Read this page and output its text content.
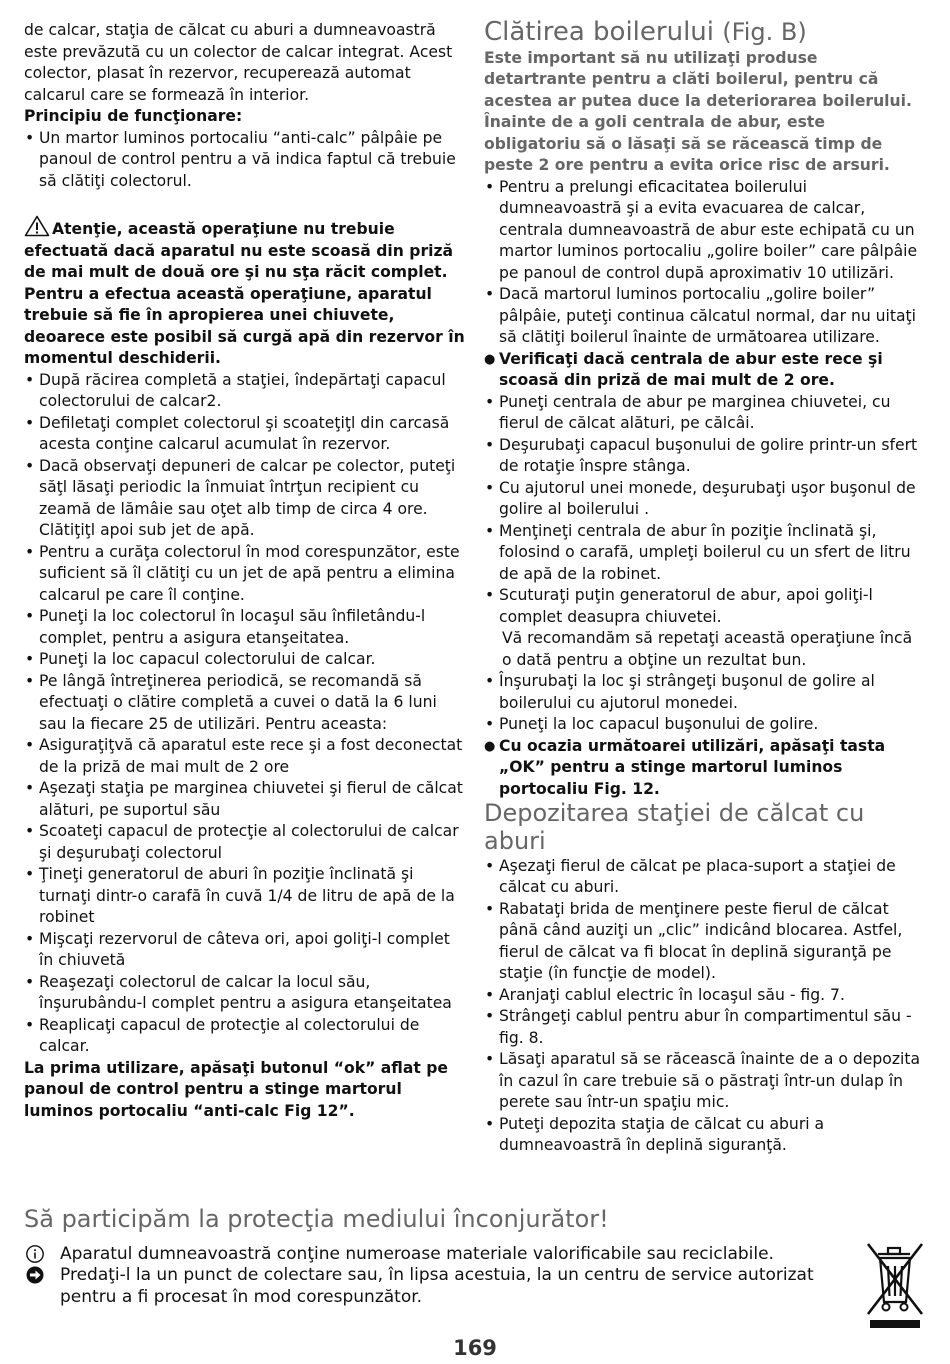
de calcar, staţia de călcat cu aburi a dumneavoastră este prevăzută cu un colector de calcar integrat. Acest colector, plasat în rezervor, recuperează automat calcarul care se formează în interior.

Principiu de funcţionare:

• Un martor luminos portocaliu “anti-calc” pâlpâie pe panoul de control pentru a vă indica faptul că trebuie să clătiţi colectorul.

Atenţie, această operaţiune nu trebuie efectuată dacă aparatul nu este scoasă din priză de mai mult de două ore şi nu sţa răcit complet. Pentru a efectua această operaţiune, aparatul trebuie să fie în apropierea unei chiuvete, deoarece este posibil să curgă apă din rezervor în momentul deschiderii.

• După răcirea completă a staţiei, îndepărtaţi capacul colectorului de calcar2.
• Defiletaţi complet colectorul şi scoateţiţl din carcasă acesta conţine calcarul acumulat în rezervor.
• Dacă observaţi depuneri de calcar pe colector, puteţi săţl lăsaţi periodic la înmuiat întrţun recipient cu zeamă de lămâie sau oţet alb timp de circa 4 ore. Clătiţiţl apoi sub jet de apă.
• Pentru a curăţa colectorul în mod corespunzător, este suficient să îl clătiţi cu un jet de apă pentru a elimina calcarul pe care îl conţine.
• Puneţi la loc colectorul în locaşul său înfiletându-l complet, pentru a asigura etanşeitatea.
• Puneţi la loc capacul colectorului de calcar.
• Pe lângă întreţinerea periodică, se recomandă să efectuaţi o clătire completă a cuvei o dată la 6 luni sau la fiecare 25 de utilizări. Pentru aceasta:
• Asiguraţiţvă că aparatul este rece şi a fost deconectat de la priză de mai mult de 2 ore
• Aşezaţi staţia pe marginea chiuvetei şi fierul de călcat alături, pe suportul său
• Scoateţi capacul de protecţie al colectorului de calcar şi deşurubaţi colectorul
• Ţineţi generatorul de aburi în poziţie înclinată şi turnaţi dintr-o carafă în cuvă 1/4 de litru de apă de la robinet
• Mişcaţi rezervorul de câteva ori, apoi goliţi-l complet în chiuvetă
• Reaşezaţi colectorul de calcar la locul său, înşurubându-l complet pentru a asigura etanşeitatea
• Reaplicaţi capacul de protecţie al colectorului de calcar.

La prima utilizare, apăsaţi butonul “ok” aflat pe panoul de control pentru a stinge martorul luminos portocaliu “anti-calc Fig 12”.

Clătirea boilerului (Fig. B)

Este important să nu utilizaţi produse detartrante pentru a clăti boilerul, pentru că acestea ar putea duce la deteriorarea boilerului. Înainte de a goli centrala de abur, este obligatoriu să o lăsaţi să se răcească timp de peste 2 ore pentru a evita orice risc de arsuri.

• Pentru a prelungi eficacitatea boilerului dumneavoastră şi a evita evacuarea de calcar, centrala dumneavoastră de abur este echipată cu un martor luminos portocaliu „golire boiler” care pâlpâie pe panoul de control după aproximativ 10 utilizări.
• Dacă martorul luminos portocaliu „golire boiler” pâlpâie, puteţi continua călcatul normal, dar nu uitaţi să clătiţi boilerul înainte de următoarea utilizare.
● Verificaţi dacă centrala de abur este rece şi scoasă din priză de mai mult de 2 ore.
• Puneţi centrala de abur pe marginea chiuvetei, cu fierul de călcat alături, pe călcâi.
• Deşurubaţi capacul buşonului de golire printr-un sfert de rotaţie înspre stânga.
• Cu ajutorul unei monede, deşurubaţi uşor buşonul de golire al boilerului .
• Menţineţi centrala de abur în poziţie înclinată şi, folosind o carafă, umpleţi boilerul cu un sfert de litru de apă de la robinet.
• Scuturaţi puţin generatorul de abur, apoi goliţi-l complet deasupra chiuvetei.

Vă recomandăm să repetaţi această operaţiune încă o dată pentru a obţine un rezultat bun.

• Înşurubaţi la loc şi strângeţi buşonul de golire al boilerului cu ajutorul monedei.
• Puneţi la loc capacul buşonului de golire.
● Cu ocazia următoarei utilizări, apăsaţi tasta „OK” pentru a stinge martorul luminos portocaliu Fig. 12.
Depozitarea staţiei de călcat cu aburi
• Aşezaţi fierul de călcat pe placa-suport a staţiei de călcat cu aburi.
• Rabataţi brida de menţinere peste fierul de călcat până când auziţi un „clic” indicând blocarea. Astfel, fierul de călcat va fi blocat în deplină siguranţă pe staţie (în funcţie de model).
• Aranjaţi cablul electric în locaşul său - fig. 7.
• Strângeţi cablul pentru abur în compartimentul său - fig. 8.
• Lăsaţi aparatul să se răcească înainte de a o depozita în cazul în care trebuie să o păstraţi într-un dulap în perete sau într-un spaţiu mic.
• Puteţi depozita staţia de călcat cu aburi a dumneavoastră în deplină siguranţă.
Să participăm la protecţia mediului înconjurător!
Aparatul dumneavoastră conţine numeroase materiale valorificabile sau reciclabile.
Predaţi-l la un punct de colectare sau, în lipsa acestuia, la un centru de service autorizat pentru a fi procesat în mod corespunzător.
169
